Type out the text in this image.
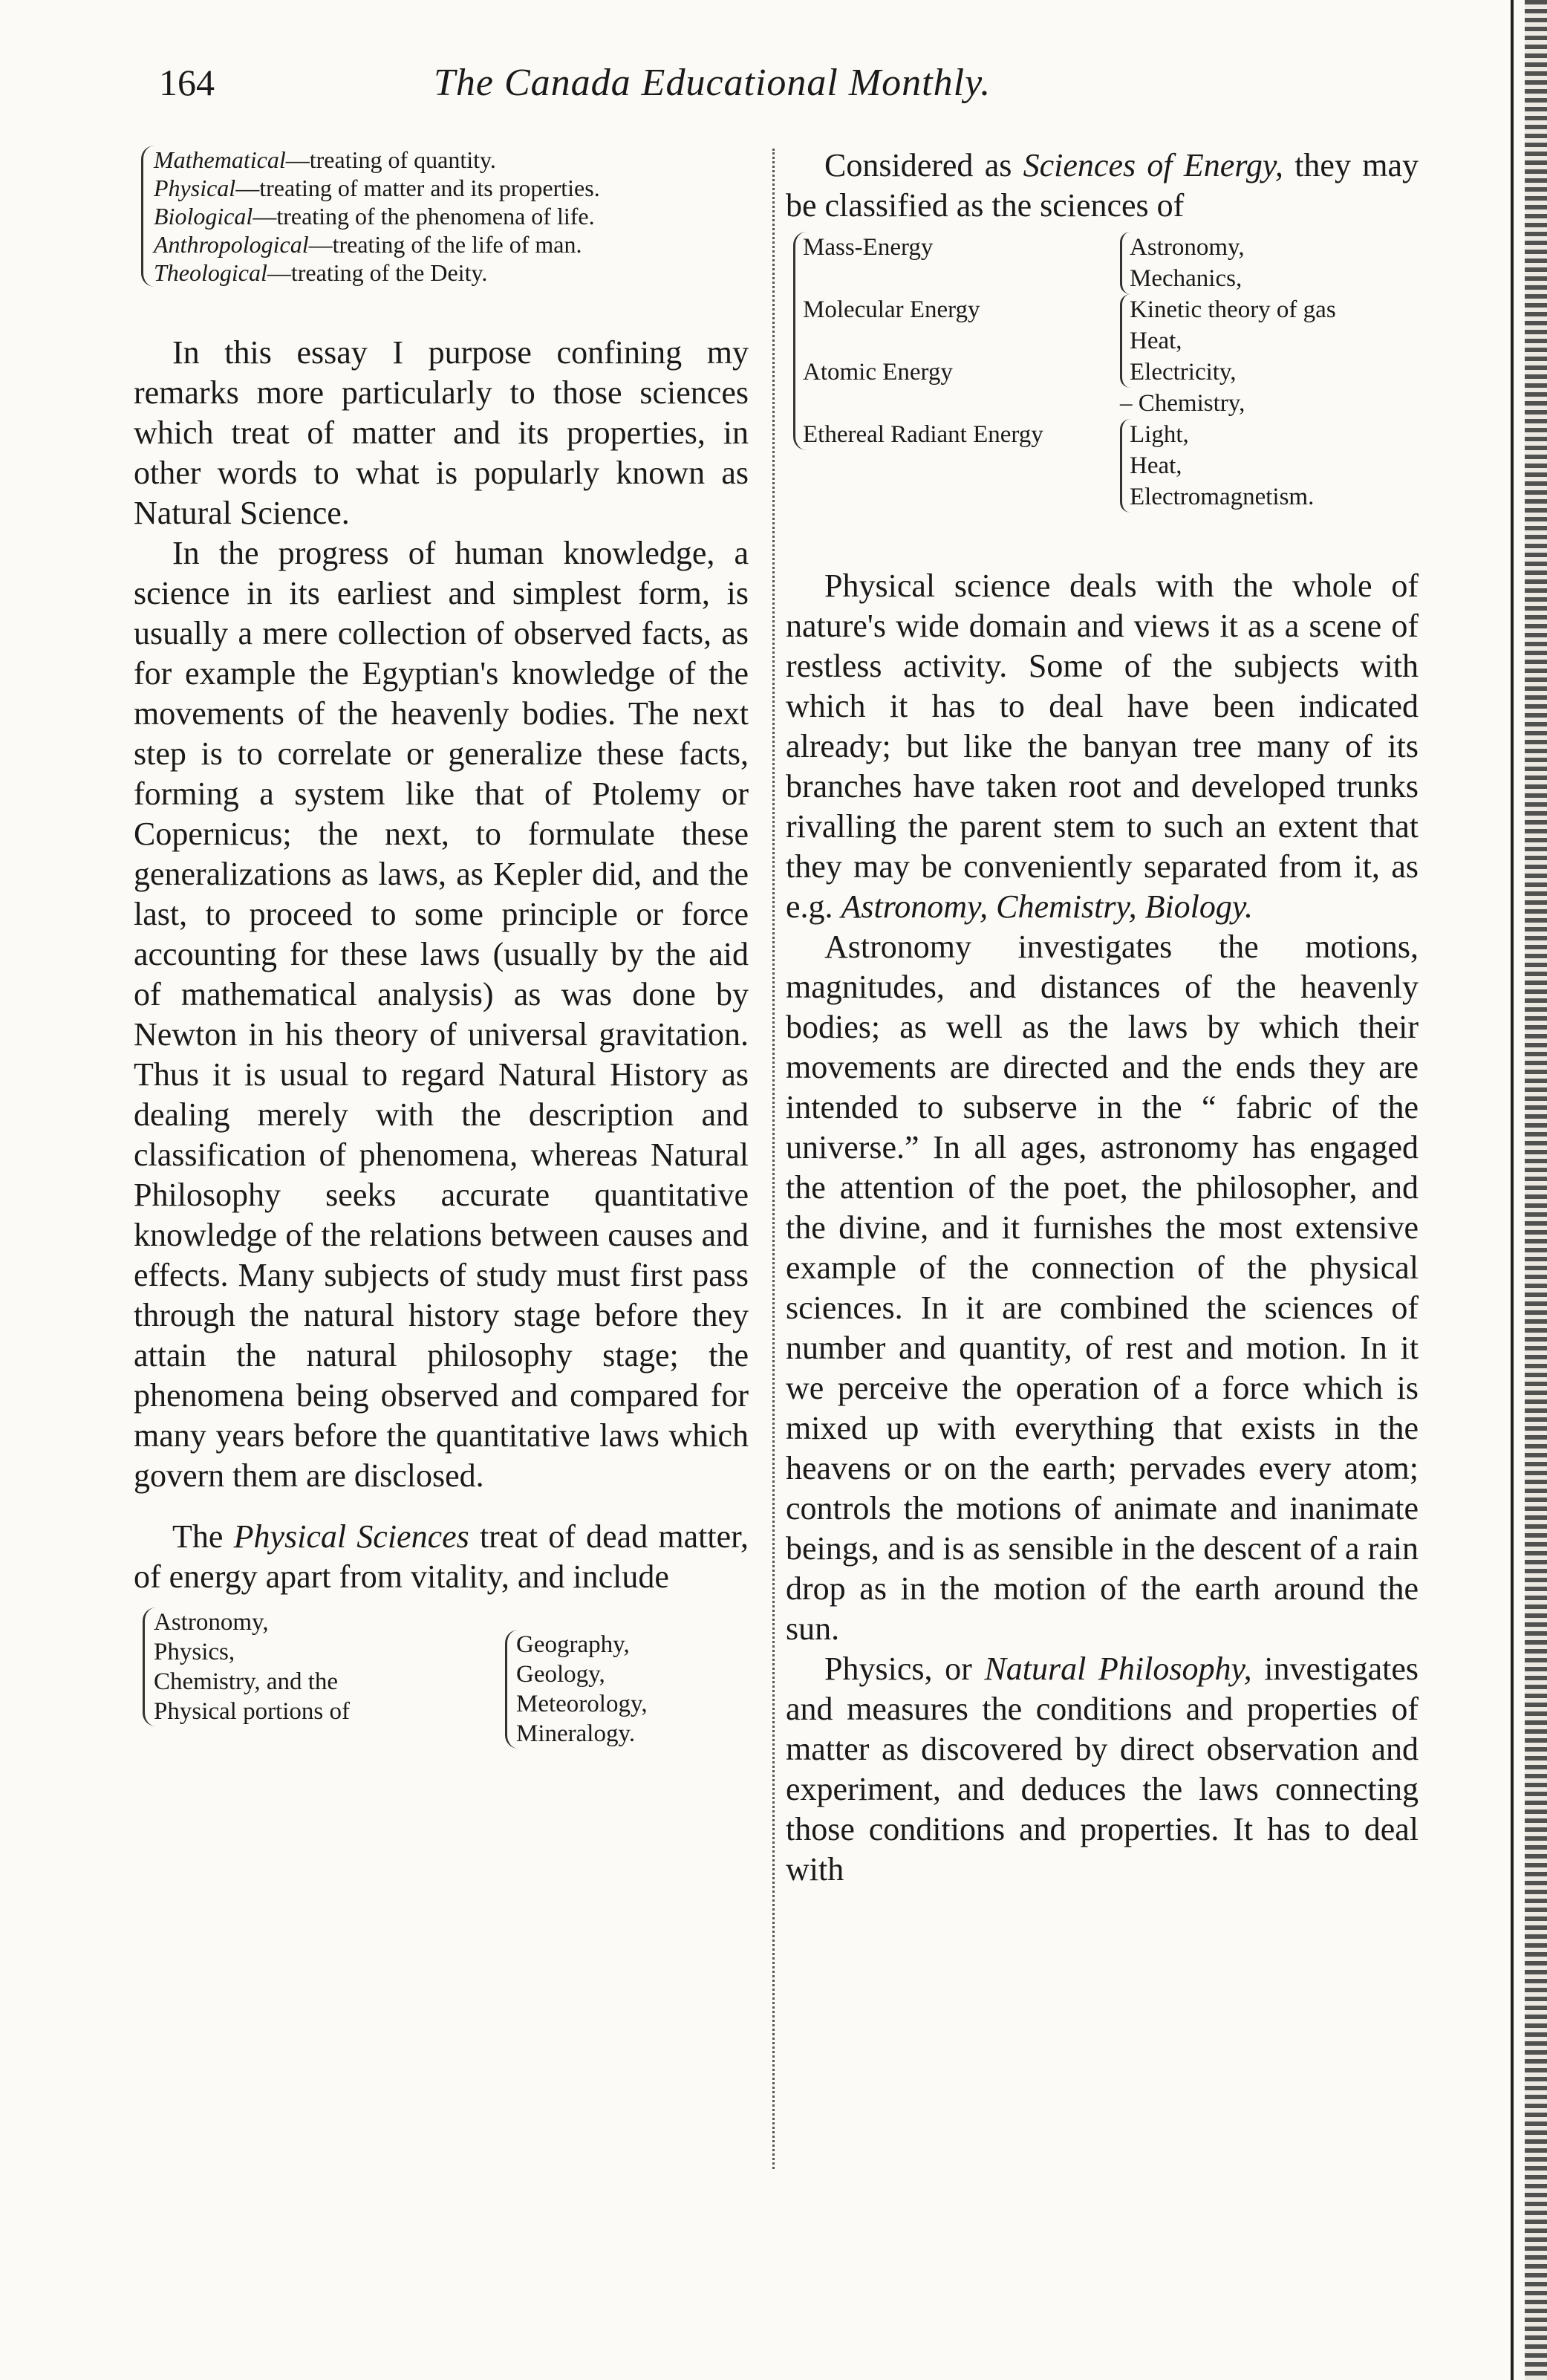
164	The Canada Educational Monthly.
Mathematical—treating of quantity.
Physical—treating of matter and its properties.
Biological—treating of the phenomena of life.
Anthropological—treating of the life of man.
Theological—treating of the Deity.

In this essay I purpose confining my remarks more particularly to those sciences which treat of matter and its properties, in other words to what is popularly known as Natural Science.

In the progress of human knowledge, a science in its earliest and simplest form, is usually a mere collection of observed facts, as for example the Egyptian's knowledge of the movements of the heavenly bodies. The next step is to correlate or generalize these facts, forming a system like that of Ptolemy or Copernicus; the next, to formulate these generalizations as laws, as Kepler did, and the last, to proceed to some principle or force accounting for these laws (usually by the aid of mathematical analysis) as was done by Newton in his theory of universal gravitation. Thus it is usual to regard Natural History as dealing merely with the description and classification of phenomena, whereas Natural Philosophy seeks accurate quantitative knowledge of the relations between causes and effects. Many subjects of study must first pass through the natural history stage before they attain the natural philosophy stage; the phenomena being observed and compared for many years before the quantitative laws which govern them are disclosed.

The Physical Sciences treat of dead matter, of energy apart from vitality, and include

Astronomy,
Physics,
Chemistry, and the
Physical portions of
Geography,
Geology,
Meteorology,
Mineralogy.

Considered as Sciences of Energy, they may be classified as the sciences of

Mass-Energy
Molecular Energy
Atomic Energy
Ethereal Radiant Energy
Astronomy,
Mechanics,
Kinetic theory of gas
Heat,
Electricity,
– Chemistry,
Light,
Heat,
Electromagnetism.

Physical science deals with the whole of nature's wide domain and views it as a scene of restless activity. Some of the subjects with which it has to deal have been indicated already; but like the banyan tree many of its branches have taken root and developed trunks rivalling the parent stem to such an extent that they may be conveniently separated from it, as e.g. Astronomy, Chemistry, Biology.

Astronomy investigates the motions, magnitudes, and distances of the heavenly bodies; as well as the laws by which their movements are directed and the ends they are intended to subserve in the “ fabric of the universe.” In all ages, astronomy has engaged the attention of the poet, the philosopher, and the divine, and it furnishes the most extensive example of the connection of the physical sciences. In it are combined the sciences of number and quantity, of rest and motion. In it we perceive the operation of a force which is mixed up with everything that exists in the heavens or on the earth; pervades every atom; controls the motions of animate and inanimate beings, and is as sensible in the descent of a rain drop as in the motion of the earth around the sun.

Physics, or Natural Philosophy, investigates and measures the conditions and properties of matter as discovered by direct observation and experiment, and deduces the laws connecting those conditions and properties. It has to deal with
